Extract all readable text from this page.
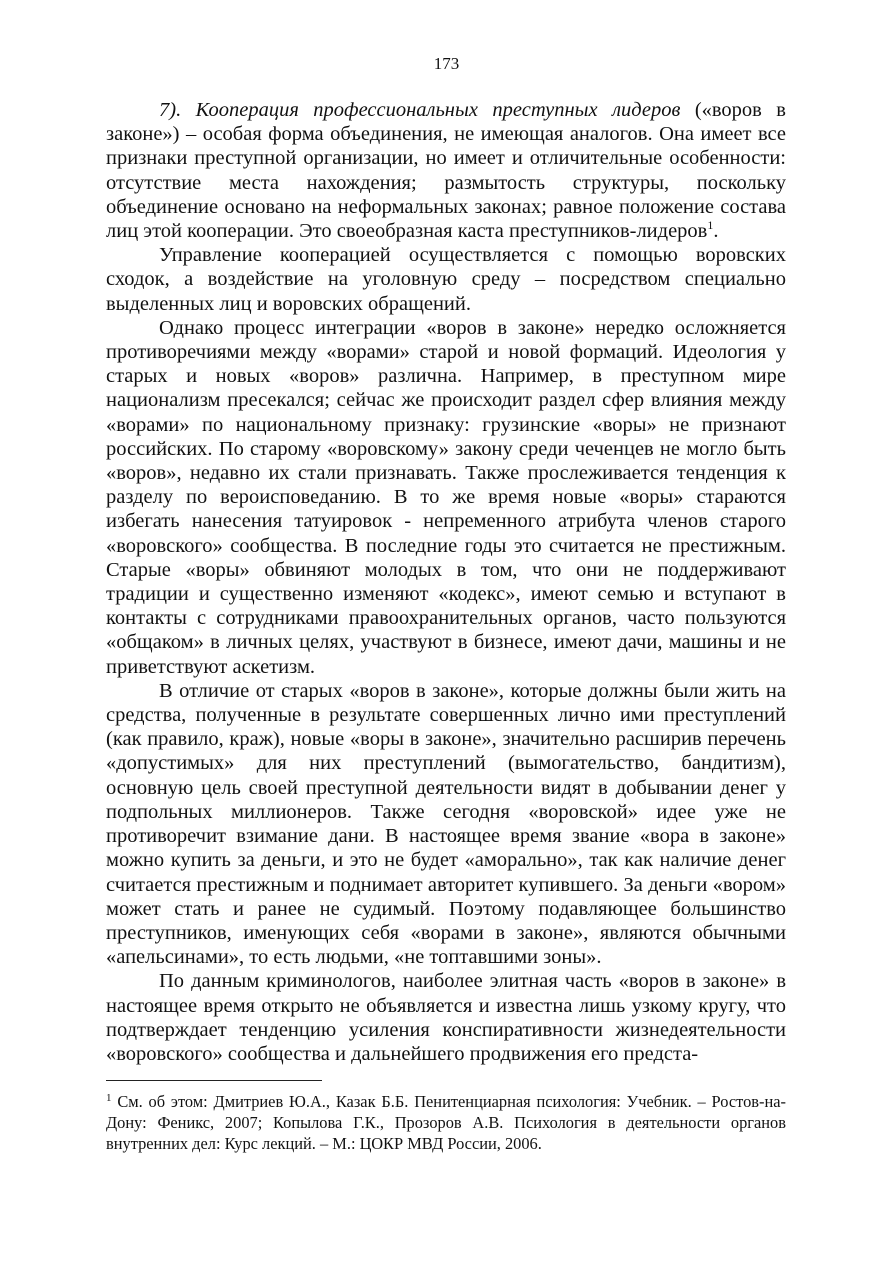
173

7). Кооперация профессиональных преступных лидеров («воров в законе») – особая форма объединения, не имеющая аналогов. Она имеет все признаки преступной организации, но имеет и отличительные особенности: отсутствие места нахождения; размытость структуры, поскольку объединение основано на неформальных законах; равное положение состава лиц этой кооперации. Это своеобразная каста преступников-лидеров$^1$.

Управление кооперацией осуществляется с помощью воровских сходок, а воздействие на уголовную среду – посредством специально выделенных лиц и воровских обращений.

Однако процесс интеграции «воров в законе» нередко осложняется противоречиями между «ворами» старой и новой формаций. Идеология у старых и новых «воров» различна. Например, в преступном мире национализм пресекался; сейчас же происходит раздел сфер влияния между «ворами» по национальному признаку: грузинские «воры» не признают российских. По старому «воровскому» закону среди чеченцев не могло быть «воров», недавно их стали признавать. Также прослеживается тенденция к разделу по вероисповеданию. В то же время новые «воры» стараются избегать нанесения татуировок - непременного атрибута членов старого «воровского» сообщества. В последние годы это считается не престижным. Старые «воры» обвиняют молодых в том, что они не поддерживают традиции и существенно изменяют «кодекс», имеют семью и вступают в контакты с сотрудниками правоохранительных органов, часто пользуются «общаком» в личных целях, участвуют в бизнесе, имеют дачи, машины и не приветствуют аскетизм.

В отличие от старых «воров в законе», которые должны были жить на средства, полученные в результате совершенных лично ими преступлений (как правило, краж), новые «воры в законе», значительно расширив перечень «допустимых» для них преступлений (вымогательство, бандитизм), основную цель своей преступной деятельности видят в добывании денег у подпольных миллионеров. Также сегодня «воровской» идее уже не противоречит взимание дани. В настоящее время звание «вора в законе» можно купить за деньги, и это не будет «аморально», так как наличие денег считается престижным и поднимает авторитет купившего. За деньги «вором» может стать и ранее не судимый. Поэтому подавляющее большинство преступников, именующих себя «ворами в законе», являются обычными «апельсинами», то есть людьми, «не топтавшими зоны».

По данным криминологов, наиболее элитная часть «воров в законе» в настоящее время открыто не объявляется и известна лишь узкому кругу, что подтверждает тенденцию усиления конспиративности жизнедеятельности «воровского» сообщества и дальнейшего продвижения его предста-

$^1$ См. об этом: Дмитриев Ю.А., Казак Б.Б. Пенитенциарная психология: Учебник. – Ростов-на-Дону: Феникс, 2007; Копылова Г.К., Прозоров А.В. Психология в деятельности органов внутренних дел: Курс лекций. – М.: ЦОКР МВД России, 2006.
